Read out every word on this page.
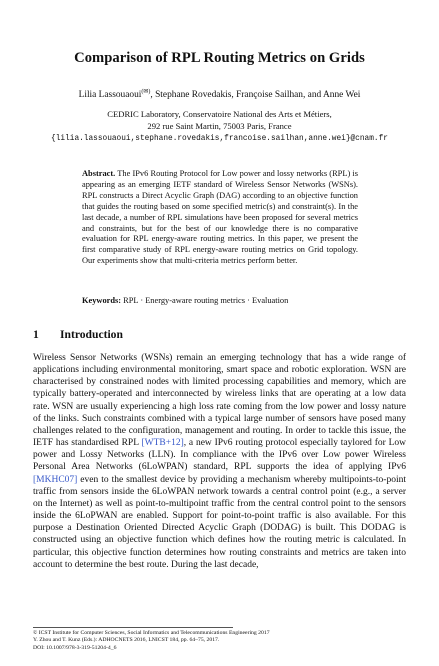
Comparison of RPL Routing Metrics on Grids
Lilia Lassouaoui(✉), Stephane Rovedakis, Françoise Sailhan, and Anne Wei
CEDRIC Laboratory, Conservatoire National des Arts et Métiers,
292 rue Saint Martin, 75003 Paris, France
{lilia.lassouaoui,stephane.rovedakis,francoise.sailhan,anne.wei}@cnam.fr
Abstract. The IPv6 Routing Protocol for Low power and lossy networks (RPL) is appearing as an emerging IETF standard of Wireless Sensor Networks (WSNs). RPL constructs a Direct Acyclic Graph (DAG) according to an objective function that guides the routing based on some specified metric(s) and constraint(s). In the last decade, a number of RPL simulations have been proposed for several metrics and constraints, but for the best of our knowledge there is no comparative evaluation for RPL energy-aware routing metrics. In this paper, we present the first comparative study of RPL energy-aware routing metrics on Grid topology. Our experiments show that multi-criteria metrics perform better.
Keywords: RPL · Energy-aware routing metrics · Evaluation
1 Introduction
Wireless Sensor Networks (WSNs) remain an emerging technology that has a wide range of applications including environmental monitoring, smart space and robotic exploration. WSN are characterised by constrained nodes with limited processing capabilities and memory, which are typically battery-operated and interconnected by wireless links that are operating at a low data rate. WSN are usually experiencing a high loss rate coming from the low power and lossy nature of the links. Such constraints combined with a typical large number of sensors have posed many challenges related to the configuration, management and routing. In order to tackle this issue, the IETF has standardised RPL [WTB+12], a new IPv6 routing protocol especially taylored for Low power and Lossy Networks (LLN). In compliance with the IPv6 over Low power Wireless Personal Area Networks (6LoWPAN) standard, RPL supports the idea of applying IPv6 [MKHC07] even to the smallest device by providing a mechanism whereby multipoints-to-point traffic from sensors inside the 6LoWPAN network towards a central control point (e.g., a server on the Internet) as well as point-to-multipoint traffic from the central control point to the sensors inside the 6LoPWAN are enabled. Support for point-to-point traffic is also available. For this purpose a Destination Oriented Directed Acyclic Graph (DODAG) is built. This DODAG is constructed using an objective function which defines how the routing metric is calculated. In particular, this objective function determines how routing constraints and metrics are taken into account to determine the best route. During the last decade,
© ICST Institute for Computer Sciences, Social Informatics and Telecommunications Engineering 2017
Y. Zhou and T. Kunz (Eds.): ADHOCNETS 2016, LNICST 184, pp. 64–75, 2017.
DOI: 10.1007/978-3-319-51204-4_6
